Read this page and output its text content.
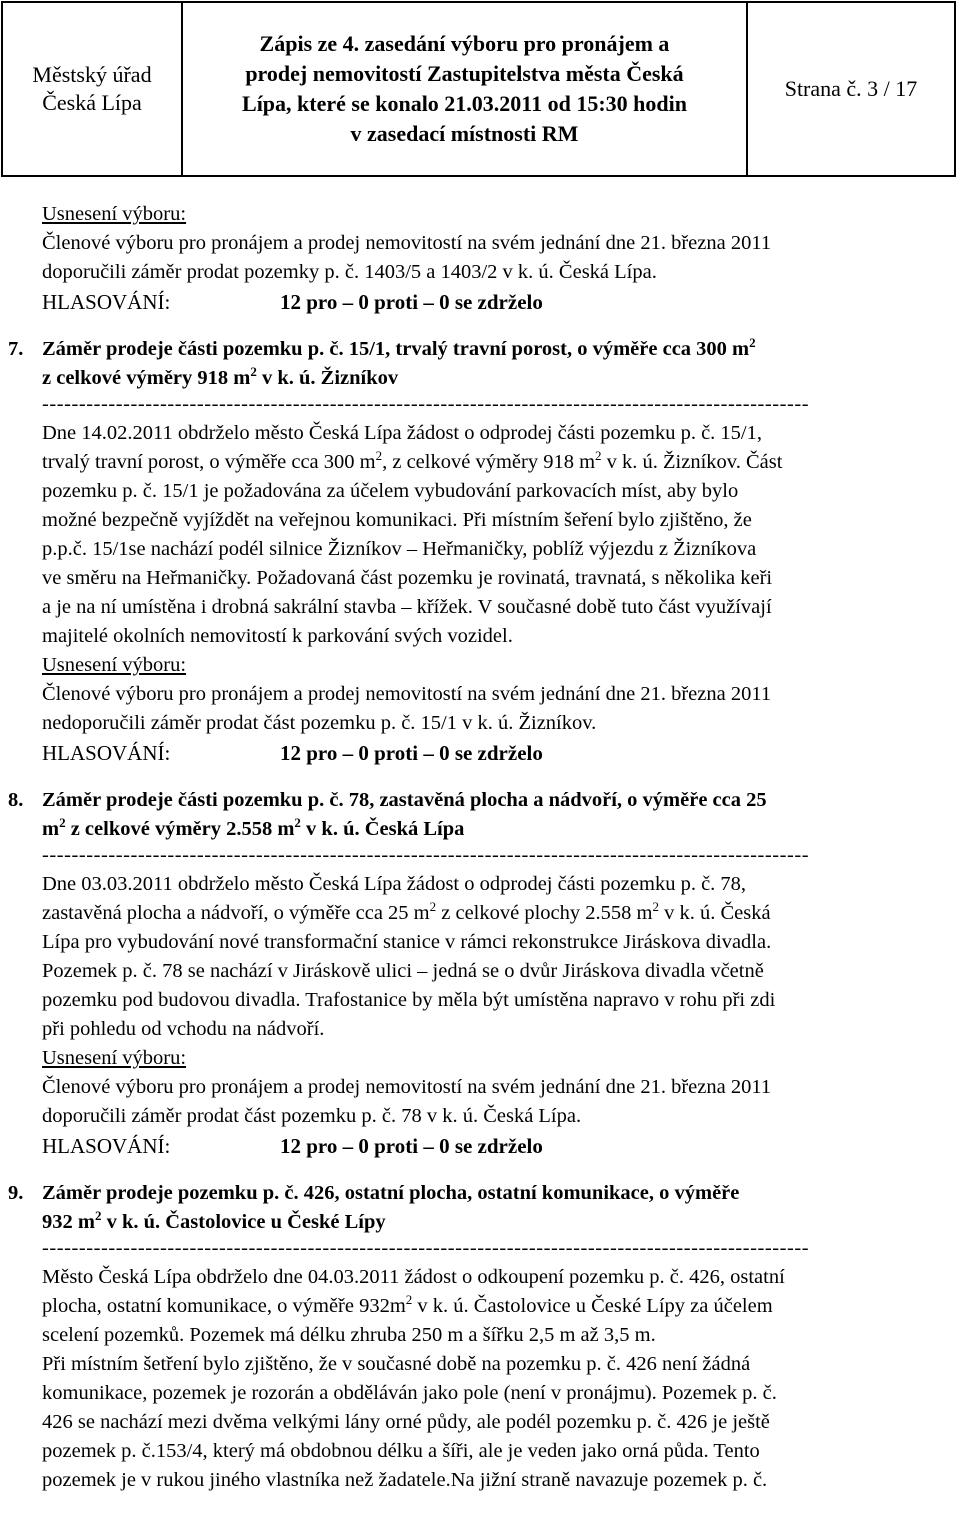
Městský úřad
Česká Lípa
Zápis ze 4. zasedání výboru pro pronájem a
prodej nemovitostí Zastupitelstva města Česká
Lípa, které se konalo 21.03.2011 od 15:30 hodin
v zasedací místnosti RM
Strana č. 3 / 17

Usnesení výboru:

Členové výboru pro pronájem a prodej nemovitostí na svém jednání dne 21. března 2011

doporučili záměr prodat pozemky p. č. 1403/5 a 1403/2 v k. ú. Česká Lípa.

HLASOVÁNÍ:	12 pro – 0 proti – 0 se zdrželo
7. Záměr prodeje části pozemku p. č. 15/1, trvalý travní porost, o výměře cca 300 $m^2$
z celkové výměry 918 $m^2$ v k. ú. Žizníkov
--------------------------------------------------------------------------------------------------------

Dne 14.02.2011 obdrželo město Česká Lípa žádost o odprodej části pozemku p. č. 15/1,

trvalý travní porost, o výměře cca 300 $m^2$, z celkové výměry 918 $m^2$ v k. ú. Žizníkov. Část

pozemku p. č. 15/1 je požadována za účelem vybudování parkovacích míst, aby bylo

možné bezpečně vyjíždět na veřejnou komunikaci. Při místním šeření bylo zjištěno, že

p.p.č. 15/1se nachází podél silnice Žizníkov – Heřmaničky, poblíž výjezdu z Žizníkova

ve směru na Heřmaničky. Požadovaná část pozemku je rovinatá, travnatá, s několika keři

a je na ní umístěna i drobná sakrální stavba – křížek. V současné době tuto část využívají

majitelé okolních nemovitostí k parkování svých vozidel.

Usnesení výboru:

Členové výboru pro pronájem a prodej nemovitostí na svém jednání dne 21. března 2011

nedoporučili záměr prodat část pozemku p. č. 15/1 v k. ú. Žizníkov.

HLASOVÁNÍ:	12 pro – 0 proti – 0 se zdrželo
8. Záměr prodeje části pozemku p. č. 78, zastavěná plocha a nádvoří, o výměře cca 25
$m^2$ z celkové výměry 2.558 $m^2$ v k. ú. Česká Lípa
--------------------------------------------------------------------------------------------------------

Dne 03.03.2011 obdrželo město Česká Lípa žádost o odprodej části pozemku p. č. 78,

zastavěná plocha a nádvoří, o výměře cca 25 $m^2$ z celkové plochy 2.558 $m^2$ v k. ú. Česká

Lípa pro vybudování nové transformační stanice v rámci rekonstrukce Jiráskova divadla.

Pozemek p. č. 78 se nachází v Jiráskově ulici – jedná se o dvůr Jiráskova divadla včetně

pozemku pod budovou divadla. Trafostanice by měla být umístěna napravo v rohu při zdi

při pohledu od vchodu na nádvoří.

Usnesení výboru:

Členové výboru pro pronájem a prodej nemovitostí na svém jednání dne 21. března 2011

doporučili záměr prodat část pozemku p. č. 78 v k. ú. Česká Lípa.

HLASOVÁNÍ:	12 pro – 0 proti – 0 se zdrželo
9. Záměr prodeje pozemku p. č. 426, ostatní plocha, ostatní komunikace, o výměře
932 $m^2$ v k. ú. Častolovice u České Lípy
--------------------------------------------------------------------------------------------------------

Město Česká Lípa obdrželo dne 04.03.2011 žádost o odkoupení pozemku p. č. 426, ostatní

plocha, ostatní komunikace, o výměře $932m^2$ v k. ú. Častolovice u České Lípy za účelem

scelení pozemků. Pozemek má délku zhruba 250 m a šířku 2,5 m až 3,5 m.

Při místním šetření bylo zjištěno, že v současné době na pozemku p. č. 426 není žádná

komunikace, pozemek je rozorán a obděláván jako pole (není v pronájmu). Pozemek p. č.

426 se nachází mezi dvěma velkými lány orné půdy, ale podél pozemku p. č. 426 je ještě

pozemek p. č.153/4, který má obdobnou délku a šíři, ale je veden jako orná půda. Tento

pozemek je v rukou jiného vlastníka než žadatele.Na jižní straně navazuje pozemek p. č.
